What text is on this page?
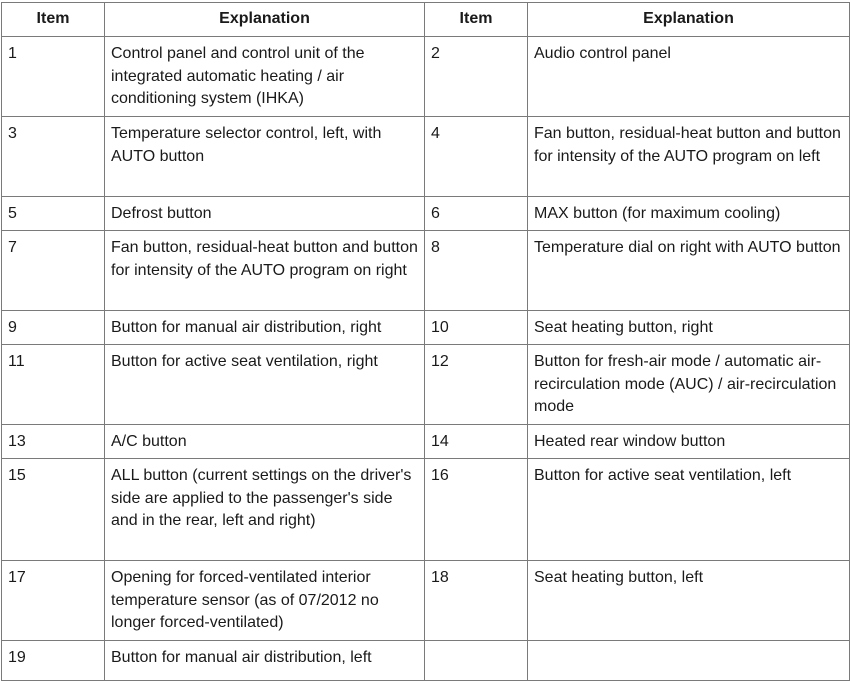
Item	Explanation	Item	Explanation
1	Control panel and control unit of the integrated automatic heating / air conditioning system (IHKA)	2	Audio control panel
3	Temperature selector control, left, with AUTO button	4	Fan button, residual-heat button and button for intensity of the AUTO program on left
5	Defrost button	6	MAX button (for maximum cooling)
7	Fan button, residual-heat button and button for intensity of the AUTO program on right	8	Temperature dial on right with AUTO button
9	Button for manual air distribution, right	10	Seat heating button, right
11	Button for active seat ventilation, right	12	Button for fresh-air mode / automatic air-recirculation mode (AUC) / air-recirculation mode
13	A/C button	14	Heated rear window button
15	ALL button (current settings on the driver's side are applied to the passenger's side and in the rear, left and right)	16	Button for active seat ventilation, left
17	Opening for forced-ventilated interior temperature sensor (as of 07/2012 no longer forced-ventilated)	18	Seat heating button, left
19	Button for manual air distribution, left		
